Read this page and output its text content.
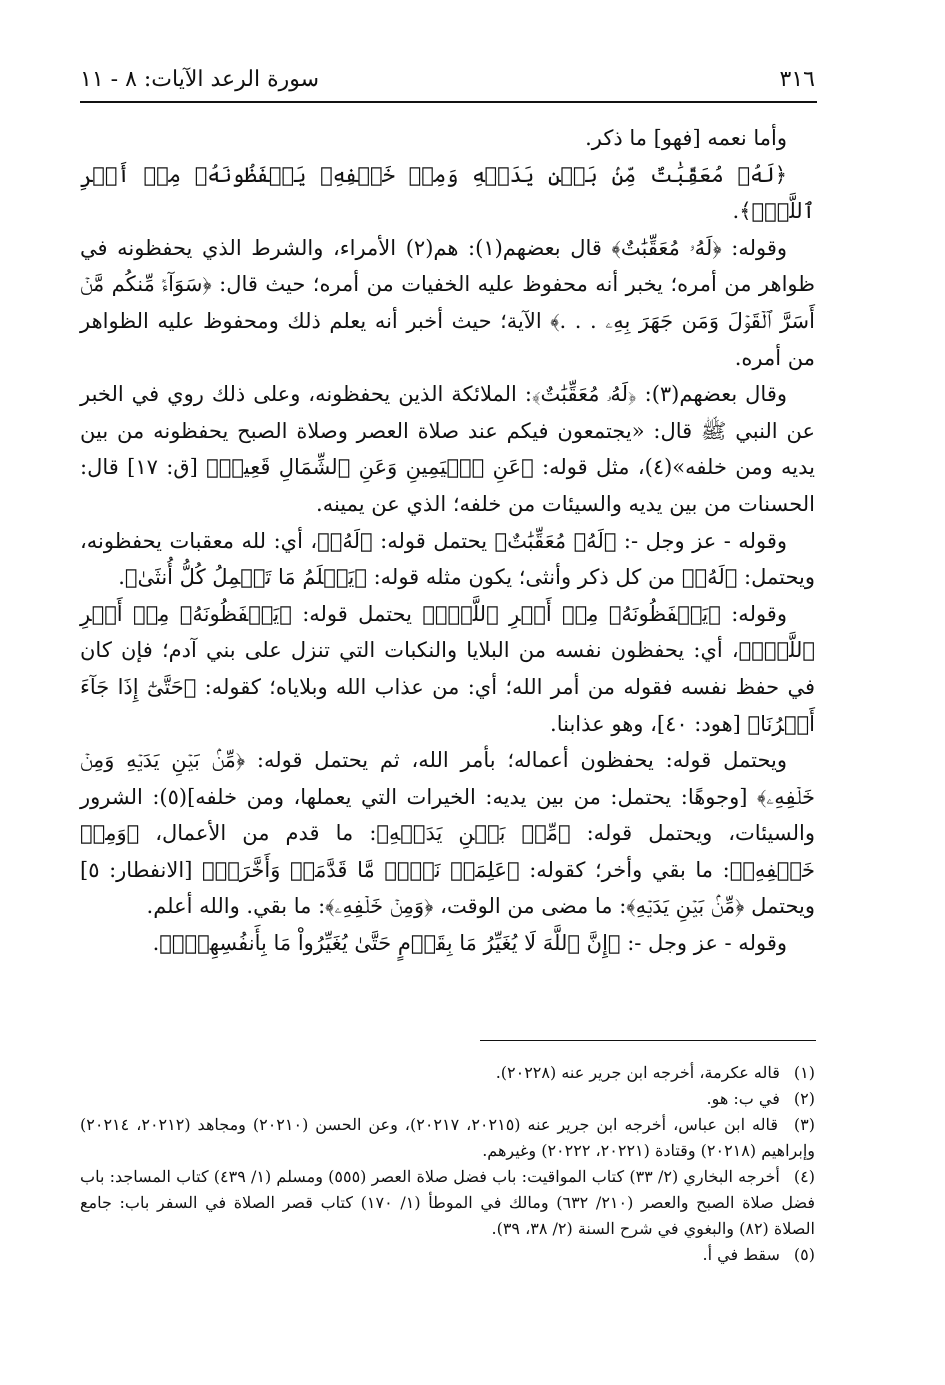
٣١٦
سورة الرعد الآيات: ٨ - ١١

وأما نعمه [فهو] ما ذكر.

﴿لَهُۥ مُعَقِّبَٰتٌ مِّنۢ بَيۡنِ يَدَيۡهِ وَمِنۡ خَلۡفِهِۦ يَحۡفَظُونَهُۥ مِنۡ أَمۡرِ ٱللَّهِۗ﴾.

وقوله: ﴿لَهُۥ مُعَقِّبَٰتٌ﴾ قال بعضهم(١): هم(٢) الأمراء، والشرط الذي يحفظونه في ظواهر من أمره؛ يخبر أنه محفوظ عليه الخفيات من أمره؛ حيث قال: ﴿سَوَآءٞ مِّنكُم مَّنۡ أَسَرَّ ٱلۡقَوۡلَ وَمَن جَهَرَ بِهِۦ . . .﴾ الآية؛ حيث أخبر أنه يعلم ذلك ومحفوظ عليه الظواهر من أمره.

وقال بعضهم(٣): ﴿لَهُۥ مُعَقِّبَٰتٌ﴾: الملائكة الذين يحفظونه، وعلى ذلك روي في الخبر عن النبي ﷺ قال: «يجتمعون فيكم عند صلاة العصر وصلاة الصبح يحفظونه من بين يديه ومن خلفه»(٤)، مثل قوله: ﴿عَنِ ٱلۡيَمِينِ وَعَنِ ٱلشِّمَالِ قَعِيدٞ﴾ [ق: ١٧] قال: الحسنات من بين يديه والسيئات من خلفه؛ الذي عن يمينه.

وقوله - عز وجل -: ﴿لَهُۥ مُعَقِّبَٰتٌ﴾ يحتمل قوله: ﴿لَهُۥ﴾، أي: لله معقبات يحفظونه، ويحتمل: ﴿لَهُۥ﴾ من كل ذكر وأنثى؛ يكون مثله قوله: ﴿يَعۡلَمُ مَا تَحۡمِلُ كُلُّ أُنثَىٰ﴾.

وقوله: ﴿يَحۡفَظُونَهُۥ مِنۡ أَمۡرِ ٱللَّهِۗ﴾ يحتمل قوله: ﴿يَحۡفَظُونَهُۥ مِنۡ أَمۡرِ ٱللَّهِۗ﴾، أي: يحفظون نفسه من البلايا والنكبات التي تنزل على بني آدم؛ فإن كان في حفظ نفسه فقوله من أمر الله؛ أي: من عذاب الله وبلاياه؛ كقوله: ﴿حَتَّىٰٓ إِذَا جَآءَ أَمۡرُنَا﴾ [هود: ٤٠]، وهو عذابنا.

ويحتمل قوله: يحفظون أعماله؛ بأمر الله، ثم يحتمل قوله: ﴿مِّنۢ بَيۡنِ يَدَيۡهِ وَمِنۡ خَلۡفِهِۦ﴾ [وجوهًا: يحتمل: من بين يديه: الخيرات التي يعملها، ومن خلفه](٥): الشرور والسيئات، ويحتمل قوله: ﴿مِّنۢ بَيۡنِ يَدَيۡهِ﴾: ما قدم من الأعمال، ﴿وَمِنۡ خَلۡفِهِۦ﴾: ما بقي وأخر؛ كقوله: ﴿عَلِمَتۡ نَفۡسٞ مَّا قَدَّمَتۡ وَأَخَّرَتۡ﴾ [الانفطار: ٥] ويحتمل ﴿مِّنۢ بَيۡنِ يَدَيۡهِ﴾: ما مضى من الوقت، ﴿وَمِنۡ خَلۡفِهِۦ﴾: ما بقي. والله أعلم.

وقوله - عز وجل -: ﴿إِنَّ ٱللَّهَ لَا يُغَيِّرُ مَا بِقَوۡمٍ حَتَّىٰ يُغَيِّرُواْ مَا بِأَنفُسِهِمۡۗ﴾.

(١) قاله عكرمة، أخرجه ابن جرير عنه (٢٠٢٢٨).

(٢) في ب: هو.

(٣) قاله ابن عباس، أخرجه ابن جرير عنه (٢٠٢١٥، ٢٠٢١٧)، وعن الحسن (٢٠٢١٠) ومجاهد (٢٠٢١٢، ٢٠٢١٤) وإبراهيم (٢٠٢١٨) وقتادة (٢٠٢٢١، ٢٠٢٢٢) وغيرهم.

(٤) أخرجه البخاري (٢/ ٣٣) كتاب المواقيت: باب فضل صلاة العصر (٥٥٥) ومسلم (١/ ٤٣٩) كتاب المساجد: باب فضل صلاة الصبح والعصر (٢١٠/ ٦٣٢) ومالك في الموطأ (١/ ١٧٠) كتاب قصر الصلاة في السفر باب: جامع الصلاة (٨٢) والبغوي في شرح السنة (٢/ ٣٨، ٣٩).

(٥) سقط في أ.
